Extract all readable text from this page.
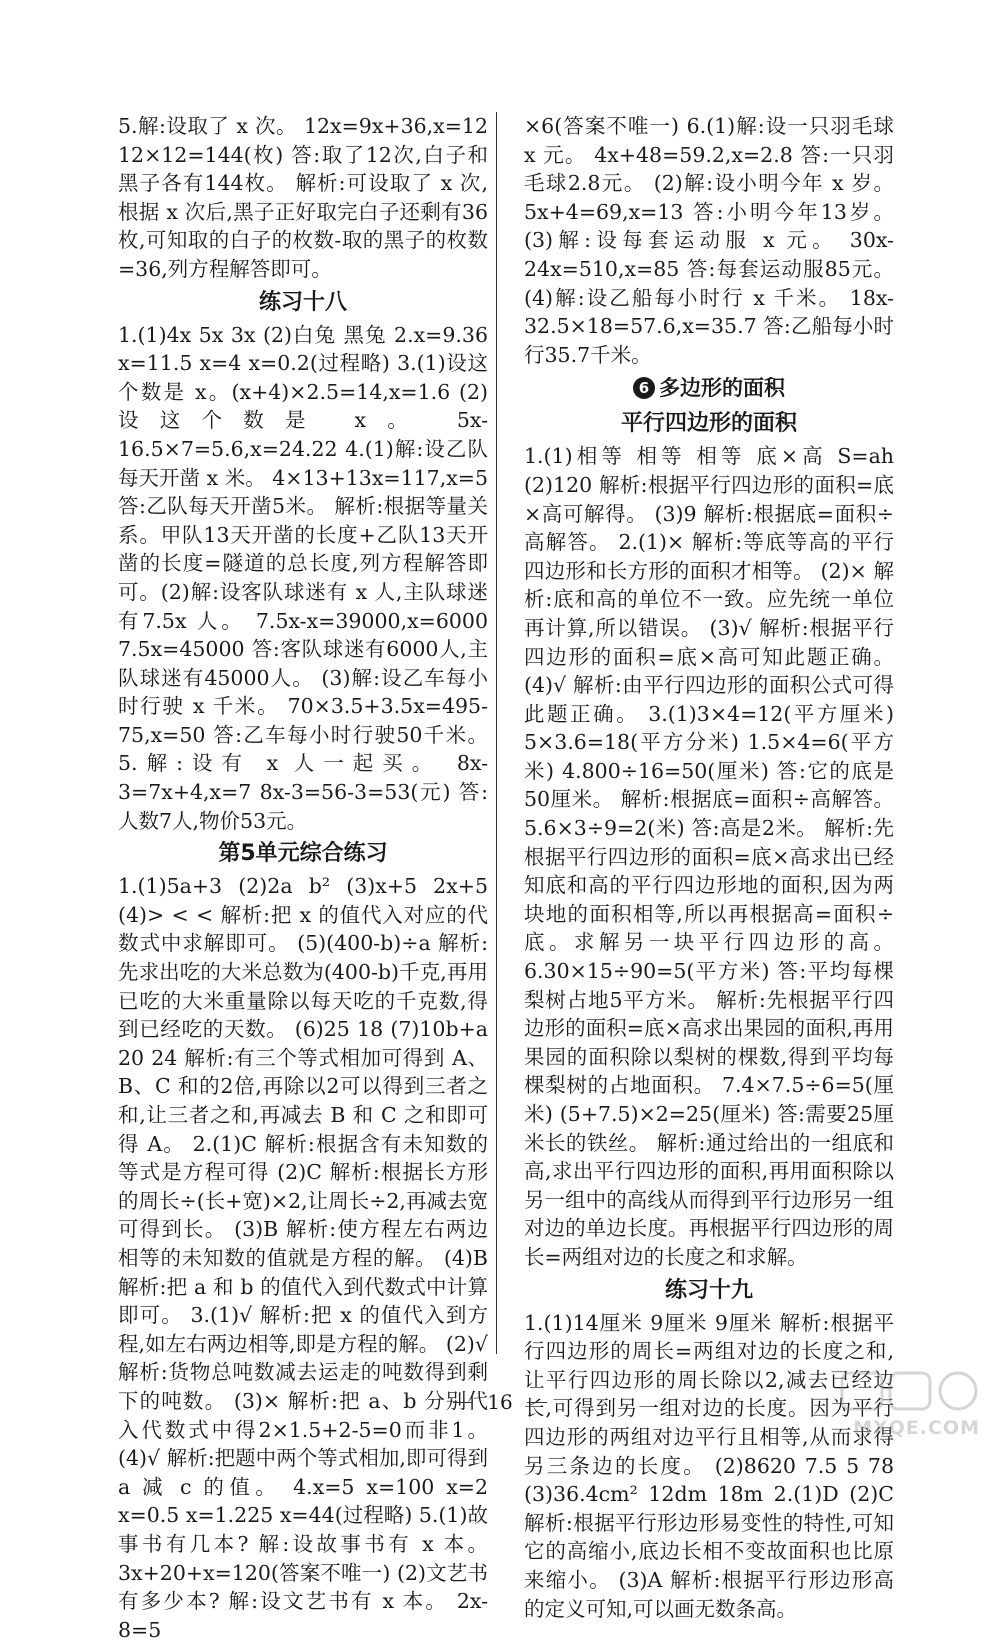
5.解:设取了 x 次。 12x=9x+36,x=12 12×12=144(枚) 答:取了12次,白子和黑子各有144枚。 解析:可设取了 x 次,根据 x 次后,黑子正好取完白子还剩有36枚,可知取的白子的枚数-取的黑子的枚数=36,列方程解答即可。

练习十八

1.(1)4x 5x 3x (2)白兔 黑兔 2.x=9.36 x=11.5 x=4 x=0.2(过程略) 3.(1)设这个数是 x。(x+4)×2.5=14,x=1.6 (2)设这个数是 x。 5x-16.5×7=5.6,x=24.22 4.(1)解:设乙队每天开凿 x 米。 4×13+13x=117,x=5 答:乙队每天开凿5米。 解析:根据等量关系。甲队13天开凿的长度+乙队13天开凿的长度=隧道的总长度,列方程解答即可。(2)解:设客队球迷有 x 人,主队球迷有7.5x 人。 7.5x-x=39000,x=6000 7.5x=45000 答:客队球迷有6000人,主队球迷有45000人。 (3)解:设乙车每小时行驶 x 千米。 70×3.5+3.5x=495-75,x=50 答:乙车每小时行驶50千米。 5.解:设有 x 人一起买。 8x-3=7x+4,x=7 8x-3=56-3=53(元) 答:人数7人,物价53元。

第5单元综合练习

1.(1)5a+3 (2)2a b² (3)x+5 2x+5 (4)> < < 解析:把 x 的值代入对应的代数式中求解即可。 (5)(400-b)÷a 解析:先求出吃的大米总数为(400-b)千克,再用已吃的大米重量除以每天吃的千克数,得到已经吃的天数。 (6)25 18 (7)10b+a 20 24 解析:有三个等式相加可得到 A、B、C 和的2倍,再除以2可以得到三者之和,让三者之和,再减去 B 和 C 之和即可得 A。 2.(1)C 解析:根据含有未知数的等式是方程可得 (2)C 解析:根据长方形的周长÷(长+宽)×2,让周长÷2,再减去宽可得到长。 (3)B 解析:使方程左右两边相等的未知数的值就是方程的解。 (4)B 解析:把 a 和 b 的值代入到代数式中计算即可。 3.(1)√ 解析:把 x 的值代入到方程,如左右两边相等,即是方程的解。 (2)√ 解析:货物总吨数减去运走的吨数得到剩下的吨数。 (3)× 解析:把 a、b 分别代入代数式中得2×1.5+2-5=0而非1。 (4)√ 解析:把题中两个等式相加,即可得到 a 减 c 的值。 4.x=5 x=100 x=2 x=0.5 x=1.225 x=44(过程略) 5.(1)故事书有几本? 解:设故事书有 x 本。 3x+20+x=120(答案不唯一) (2)文艺书有多少本? 解:设文艺书有 x 本。 2x-8=5

×6(答案不唯一) 6.(1)解:设一只羽毛球 x 元。 4x+48=59.2,x=2.8 答:一只羽毛球2.8元。 (2)解:设小明今年 x 岁。 5x+4=69,x=13 答:小明今年13岁。 (3)解:设每套运动服 x 元。 30x-24x=510,x=85 答:每套运动服85元。 (4)解:设乙船每小时行 x 千米。 18x-32.5×18=57.6,x=35.7 答:乙船每小时行35.7千米。

6 多边形的面积
平行四边形的面积

1.(1)相等 相等 相等 底×高 S=ah (2)120 解析:根据平行四边形的面积=底×高可解得。 (3)9 解析:根据底=面积÷高解答。 2.(1)× 解析:等底等高的平行四边形和长方形的面积才相等。 (2)× 解析:底和高的单位不一致。应先统一单位再计算,所以错误。 (3)√ 解析:根据平行四边形的面积=底×高可知此题正确。 (4)√ 解析:由平行四边形的面积公式可得此题正确。 3.(1)3×4=12(平方厘米) 5×3.6=18(平方分米) 1.5×4=6(平方米) 4.800÷16=50(厘米) 答:它的底是50厘米。 解析:根据底=面积÷高解答。 5.6×3÷9=2(米) 答:高是2米。 解析:先根据平行四边形的面积=底×高求出已经知底和高的平行四边形地的面积,因为两块地的面积相等,所以再根据高=面积÷底。求解另一块平行四边形的高。 6.30×15÷90=5(平方米) 答:平均每棵梨树占地5平方米。 解析:先根据平行四边形的面积=底×高求出果园的面积,再用果园的面积除以梨树的棵数,得到平均每棵梨树的占地面积。 7.4×7.5÷6=5(厘米) (5+7.5)×2=25(厘米) 答:需要25厘米长的铁丝。 解析:通过给出的一组底和高,求出平行四边形的面积,再用面积除以另一组中的高线从而得到平行边形另一组对边的单边长度。再根据平行四边形的周长=两组对边的长度之和求解。

练习十九

1.(1)14厘米 9厘米 9厘米 解析:根据平行四边形的周长=两组对边的长度之和,让平行四边形的周长除以2,减去已经边长,可得到另一组对边的长度。因为平行四边形的两组对边平行且相等,从而求得另三条边的长度。 (2)8620 7.5 5 78 (3)36.4cm² 12dm 18m 2.(1)D (2)C 解析:根据平行形边形易变性的特性,可知它的高缩小,底边长相不变故面积也比原来缩小。 (3)A 解析:根据平行形边形高的定义可知,可以画无数条高。

16
MXQE.COM
